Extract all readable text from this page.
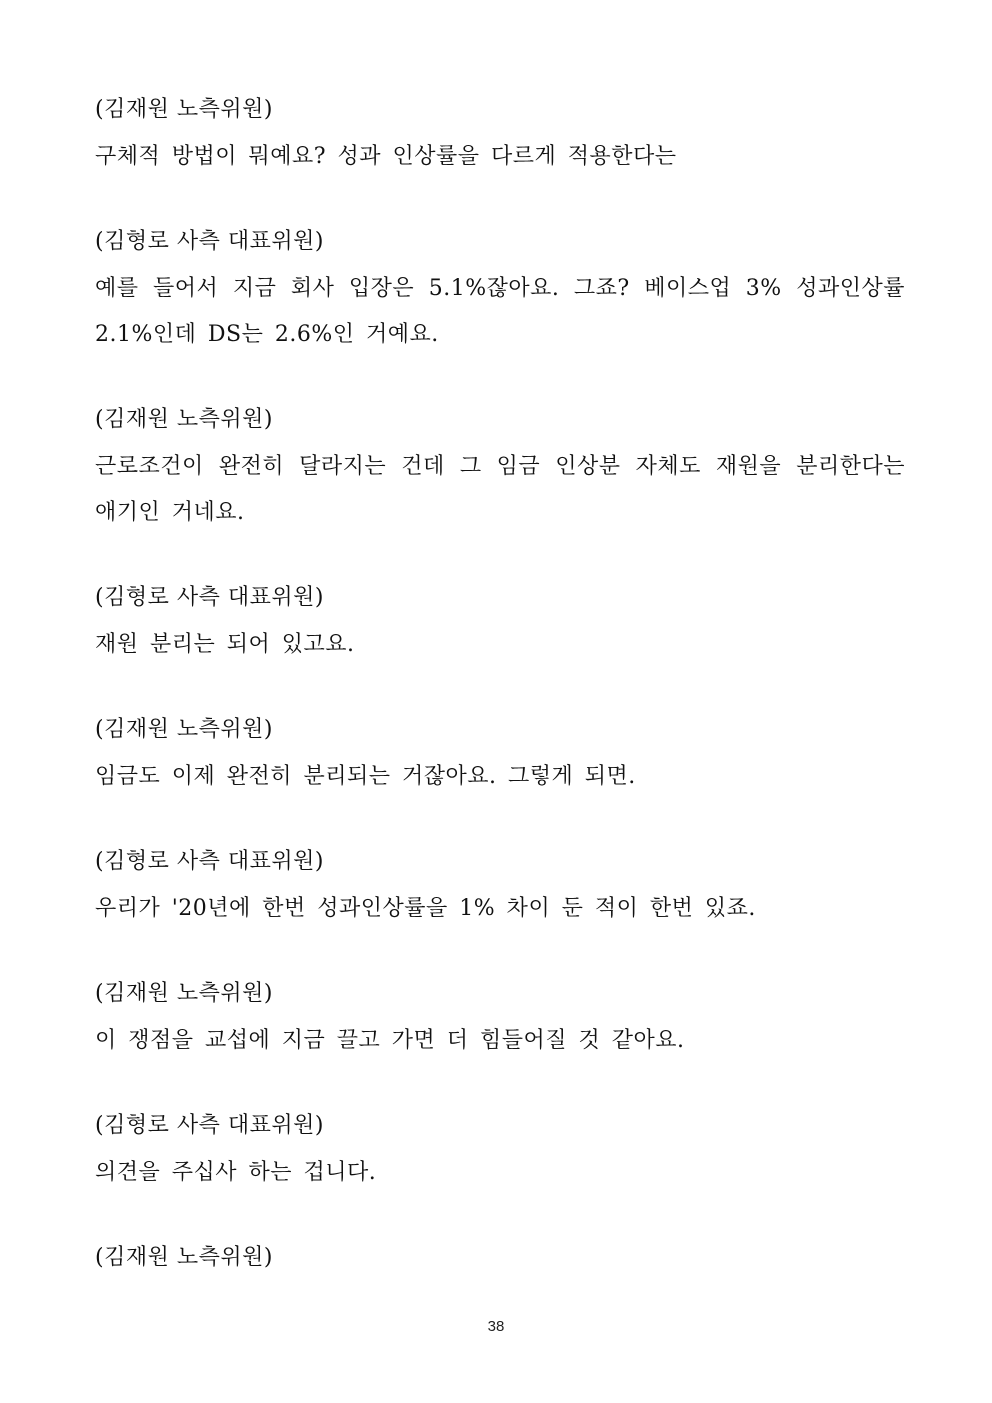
(김재원 노측위원)
구체적 방법이 뭐예요? 성과 인상률을 다르게 적용한다는
(김형로 사측 대표위원)
예를 들어서 지금 회사 입장은 5.1%잖아요. 그죠? 베이스업 3% 성과인상률 2.1%인데 DS는 2.6%인 거예요.
(김재원 노측위원)
근로조건이 완전히 달라지는 건데 그 임금 인상분 자체도 재원을 분리한다는 애기인 거네요.
(김형로 사측 대표위원)
재원 분리는 되어 있고요.
(김재원 노측위원)
임금도 이제 완전히 분리되는 거잖아요. 그렇게 되면.
(김형로 사측 대표위원)
우리가 '20년에 한번 성과인상률을 1% 차이 둔 적이 한번 있죠.
(김재원 노측위원)
이 쟁점을 교섭에 지금 끌고 가면 더 힘들어질 것 같아요.
(김형로 사측 대표위원)
의견을 주십사 하는 겁니다.
(김재원 노측위원)
38
